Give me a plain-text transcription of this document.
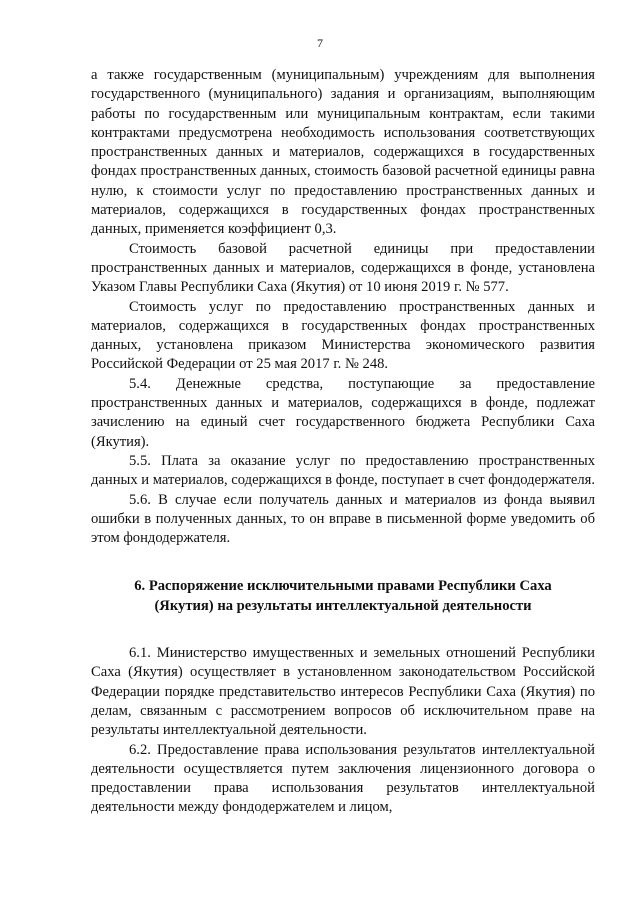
7

а также государственным (муниципальным) учреждениям для выполнения государственного (муниципального) задания и организациям, выполняющим работы по государственным или муниципальным контрактам, если такими контрактами предусмотрена необходимость использования соответствующих пространственных данных и материалов, содержащихся в государственных фондах пространственных данных, стоимость базовой расчетной единицы равна нулю, к стоимости услуг по предоставлению пространственных данных и материалов, содержащихся в государственных фондах пространственных данных, применяется коэффициент 0,3.

Стоимость базовой расчетной единицы при предоставлении пространственных данных и материалов, содержащихся в фонде, установлена Указом Главы Республики Саха (Якутия) от 10 июня 2019 г. № 577.

Стоимость услуг по предоставлению пространственных данных и материалов, содержащихся в государственных фондах пространственных данных, установлена приказом Министерства экономического развития Российской Федерации от 25 мая 2017 г. № 248.

5.4. Денежные средства, поступающие за предоставление пространственных данных и материалов, содержащихся в фонде, подлежат зачислению на единый счет государственного бюджета Республики Саха (Якутия).

5.5. Плата за оказание услуг по предоставлению пространственных данных и материалов, содержащихся в фонде, поступает в счет фондодержателя.

5.6. В случае если получатель данных и материалов из фонда выявил ошибки в полученных данных, то он вправе в письменной форме уведомить об этом фондодержателя.

6. Распоряжение исключительными правами Республики Саха
(Якутия) на результаты интеллектуальной деятельности

6.1. Министерство имущественных и земельных отношений Республики Саха (Якутия) осуществляет в установленном законодательством Российской Федерации порядке представительство интересов Республики Саха (Якутия) по делам, связанным с рассмотрением вопросов об исключительном праве на результаты интеллектуальной деятельности.

6.2. Предоставление права использования результатов интеллектуальной деятельности осуществляется путем заключения лицензионного договора о предоставлении права использования результатов интеллектуальной деятельности между фондодержателем и лицом,
